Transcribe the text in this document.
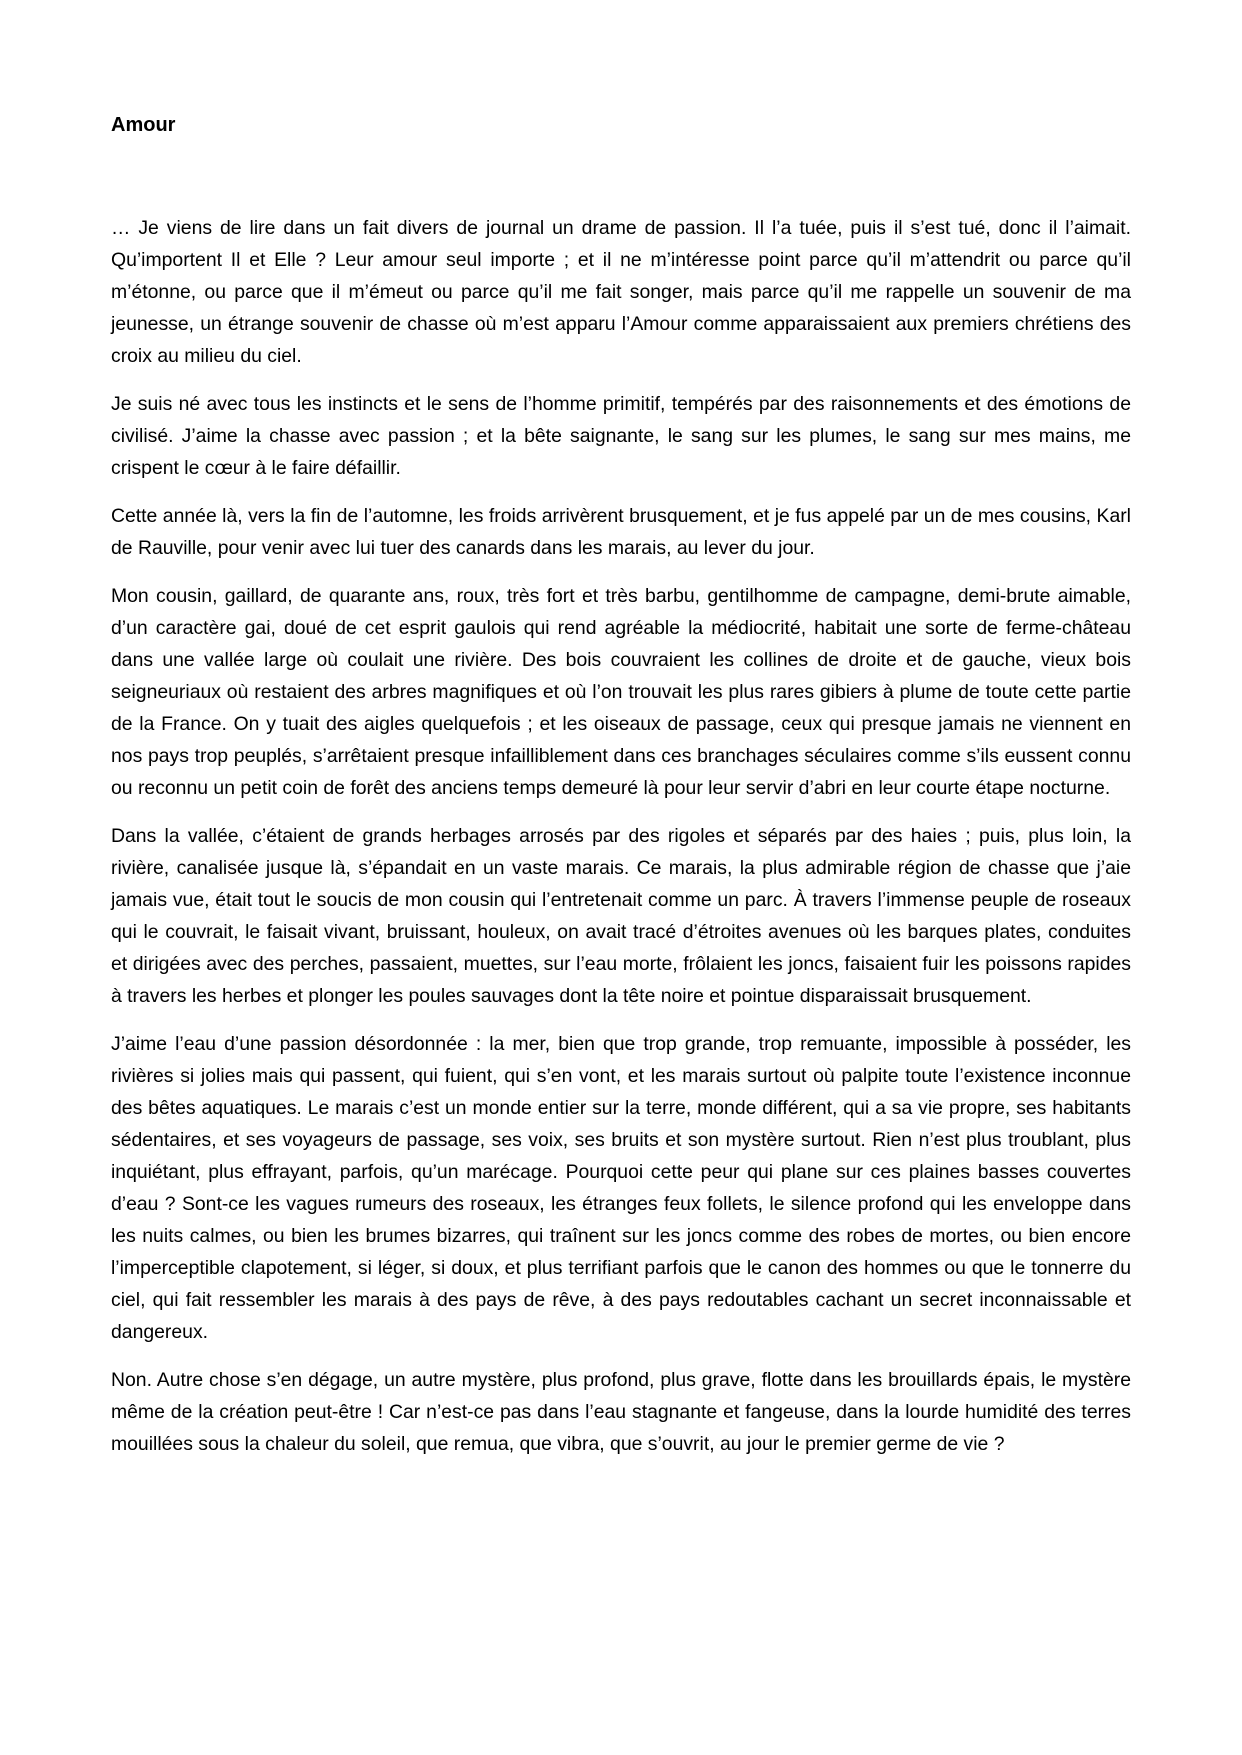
Amour

… Je viens de lire dans un fait divers de journal un drame de passion. Il l’a tuée, puis il s’est tué, donc il l’aimait. Qu’importent Il et Elle ? Leur amour seul importe ; et il ne m’intéresse point parce qu’il m’attendrit ou parce qu’il m’étonne, ou parce que il m’émeut ou parce qu’il me fait songer, mais parce qu’il me rappelle un souvenir de ma jeunesse, un étrange souvenir de chasse où m’est apparu l’Amour comme apparaissaient aux premiers chrétiens des croix au milieu du ciel.

Je suis né avec tous les instincts et le sens de l’homme primitif, tempérés par des raisonnements et des émotions de civilisé. J’aime la chasse avec passion ; et la bête saignante, le sang sur les plumes, le sang sur mes mains, me crispent le cœur à le faire défaillir.

Cette année là, vers la fin de l’automne, les froids arrivèrent brusquement, et je fus appelé par un de mes cousins, Karl de Rauville, pour venir avec lui tuer des canards dans les marais, au lever du jour.

Mon cousin, gaillard, de quarante ans, roux, très fort et très barbu, gentilhomme de campagne, demi-brute aimable, d’un caractère gai, doué de cet esprit gaulois qui rend agréable la médiocrité, habitait une sorte de ferme-château dans une vallée large où coulait une rivière. Des bois couvraient les collines de droite et de gauche, vieux bois seigneuriaux où restaient des arbres magnifiques et où l’on trouvait les plus rares gibiers à plume de toute cette partie de la France. On y tuait des aigles quelquefois ; et les oiseaux de passage, ceux qui presque jamais ne viennent en nos pays trop peuplés, s’arrêtaient presque infailliblement dans ces branchages séculaires comme s’ils eussent connu ou reconnu un petit coin de forêt des anciens temps demeuré là pour leur servir d’abri en leur courte étape nocturne.

Dans la vallée, c’étaient de grands herbages arrosés par des rigoles et séparés par des haies ; puis, plus loin, la rivière, canalisée jusque là, s’épandait en un vaste marais. Ce marais, la plus admirable région de chasse que j’aie jamais vue, était tout le soucis de mon cousin qui l’entretenait comme un parc. À travers l’immense peuple de roseaux qui le couvrait, le faisait vivant, bruissant, houleux, on avait tracé d’étroites avenues où les barques plates, conduites et dirigées avec des perches, passaient, muettes, sur l’eau morte, frôlaient les joncs, faisaient fuir les poissons rapides à travers les herbes et plonger les poules sauvages dont la tête noire et pointue disparaissait brusquement.

J’aime l’eau d’une passion désordonnée : la mer, bien que trop grande, trop remuante, impossible à posséder, les rivières si jolies mais qui passent, qui fuient, qui s’en vont, et les marais surtout où palpite toute l’existence inconnue des bêtes aquatiques. Le marais c’est un monde entier sur la terre, monde différent, qui a sa vie propre, ses habitants sédentaires, et ses voyageurs de passage, ses voix, ses bruits et son mystère surtout. Rien n’est plus troublant, plus inquiétant, plus effrayant, parfois, qu’un marécage. Pourquoi cette peur qui plane sur ces plaines basses couvertes d’eau ? Sont-ce les vagues rumeurs des roseaux, les étranges feux follets, le silence profond qui les enveloppe dans les nuits calmes, ou bien les brumes bizarres, qui traînent sur les joncs comme des robes de mortes, ou bien encore l’imperceptible clapotement, si léger, si doux, et plus terrifiant parfois que le canon des hommes ou que le tonnerre du ciel, qui fait ressembler les marais à des pays de rêve, à des pays redoutables cachant un secret inconnaissable et dangereux.

Non. Autre chose s’en dégage, un autre mystère, plus profond, plus grave, flotte dans les brouillards épais, le mystère même de la création peut-être ! Car n’est-ce pas dans l’eau stagnante et fangeuse, dans la lourde humidité des terres mouillées sous la chaleur du soleil, que remua, que vibra, que s’ouvrit, au jour le premier germe de vie ?
